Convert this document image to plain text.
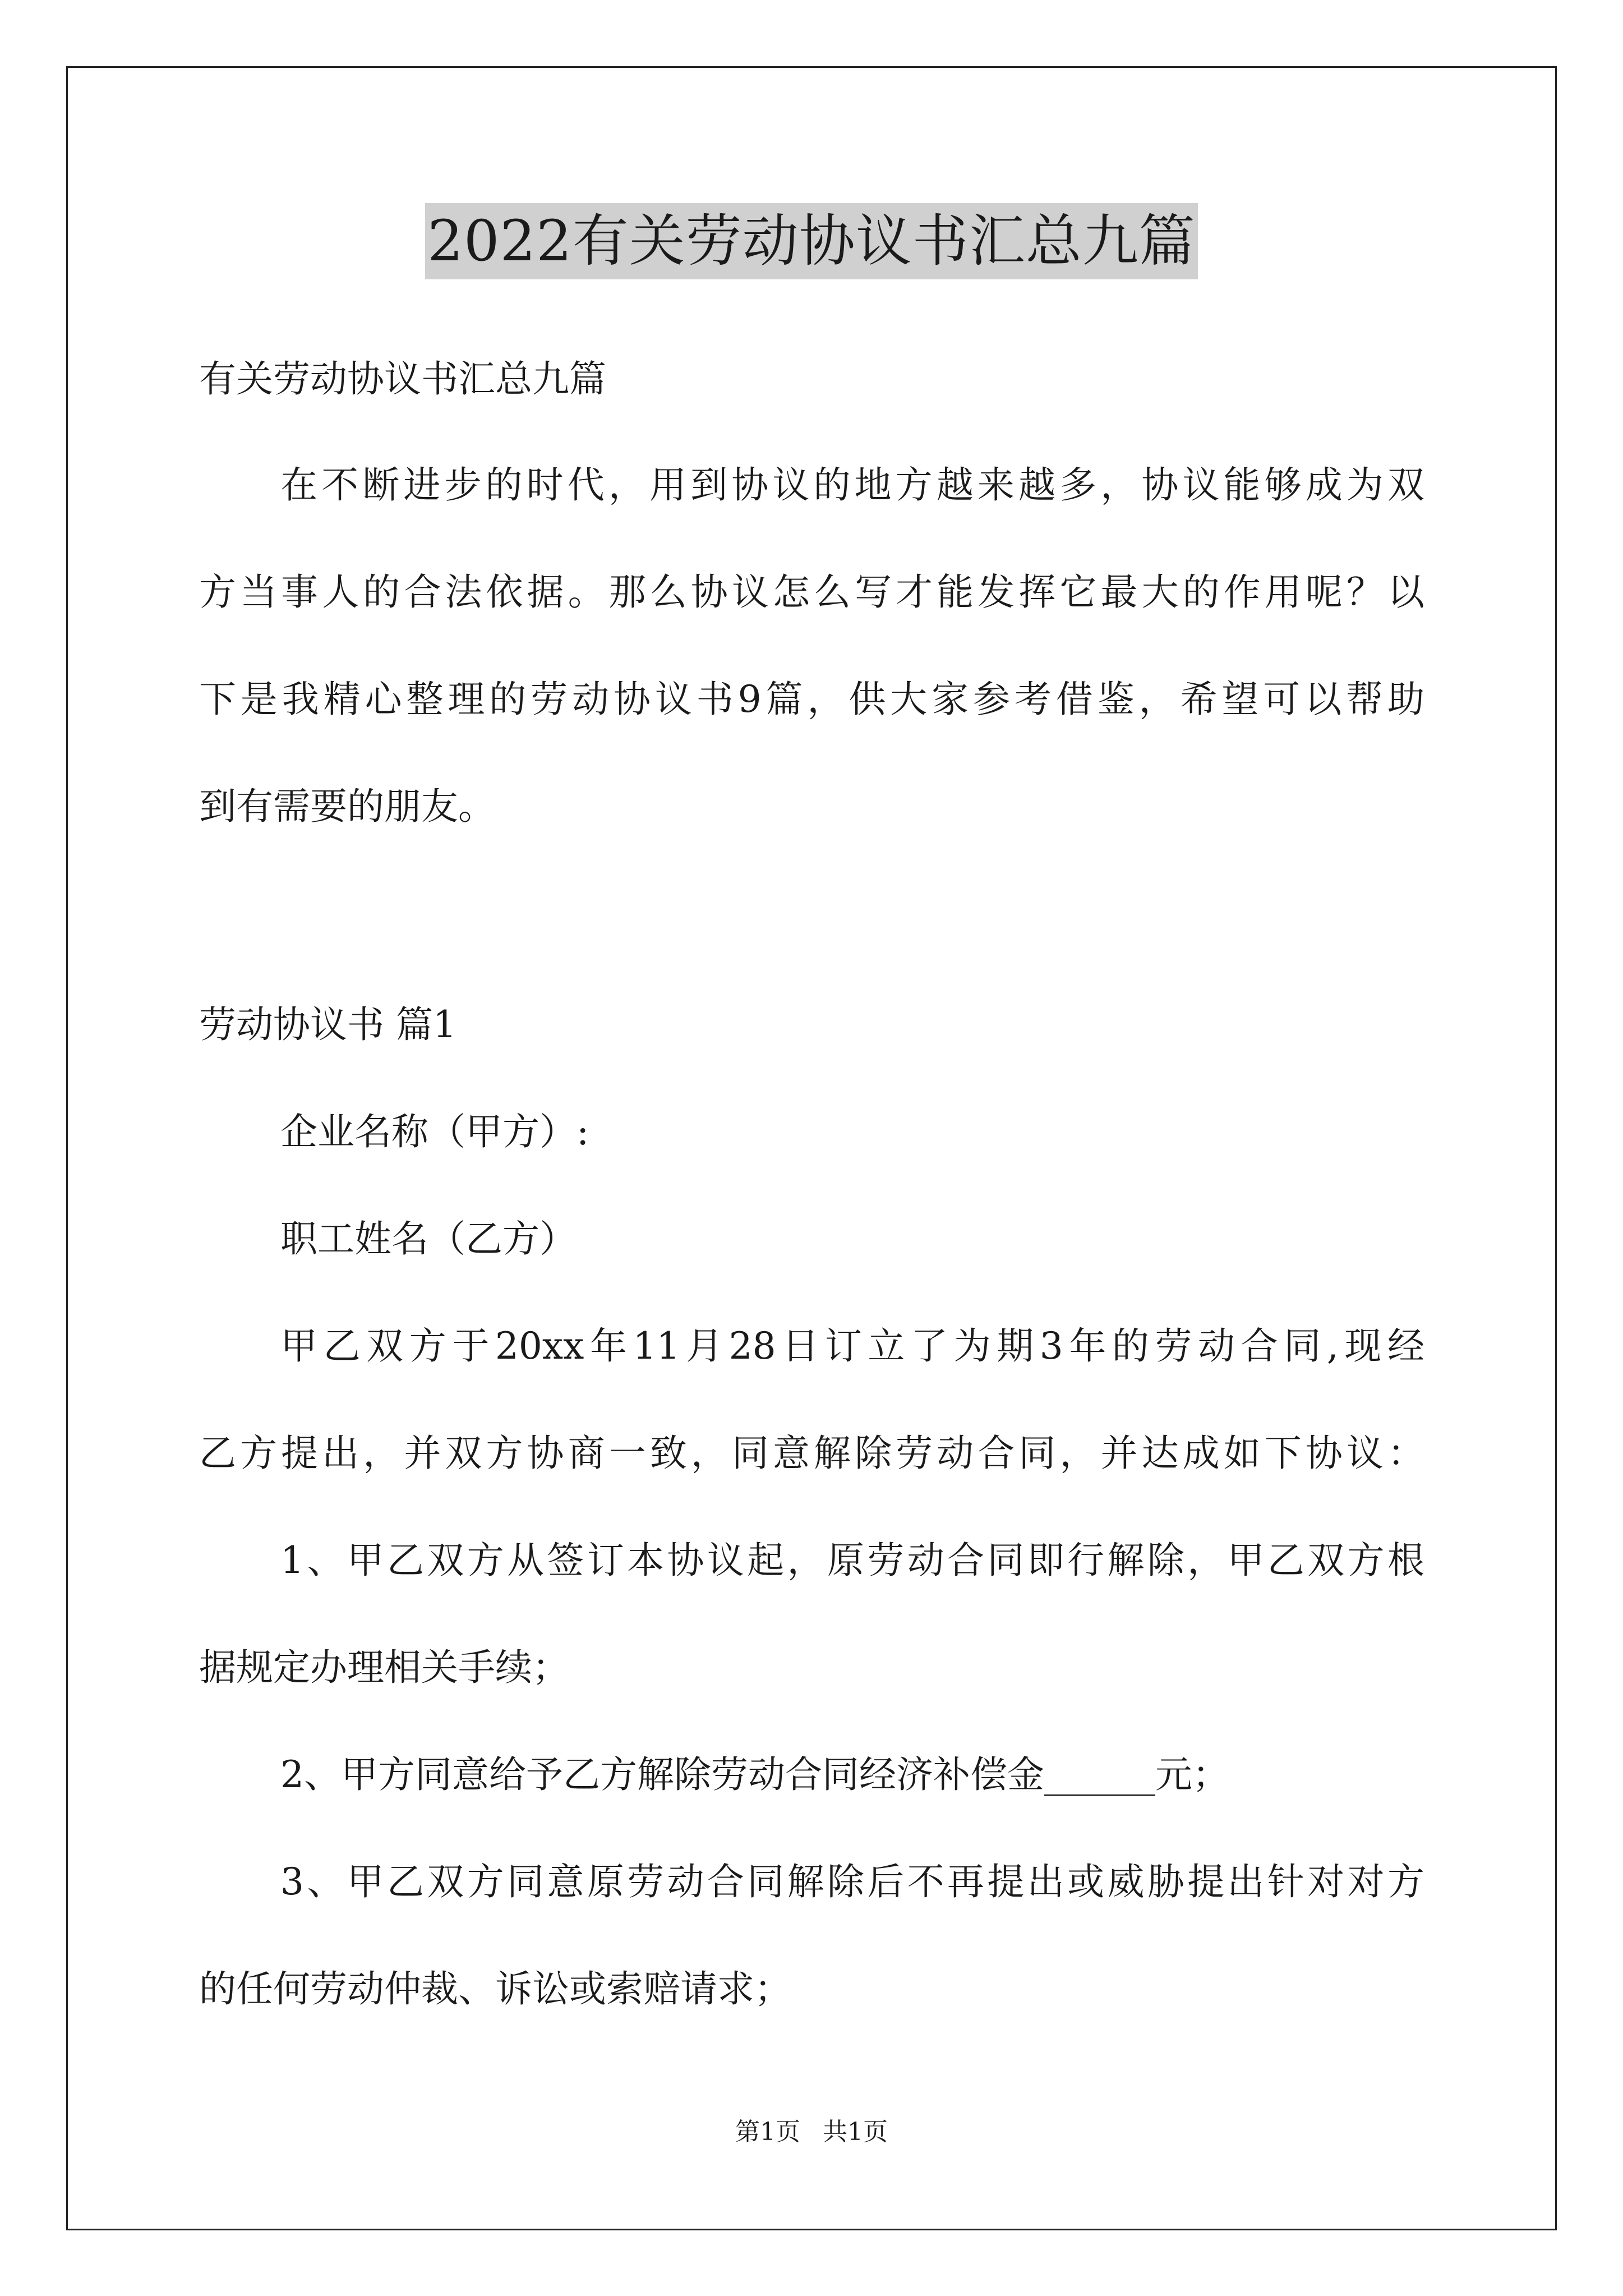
2022有关劳动协议书汇总九篇
有关劳动协议书汇总九篇
在不断进步的时代，用到协议的地方越来越多，协议能够成为双
方当事人的合法依据。那么协议怎么写才能发挥它最大的作用呢？以
下是我精心整理的劳动协议书9篇，供大家参考借鉴，希望可以帮助
到有需要的朋友。
劳动协议书 篇1
企业名称（甲方）:
职工姓名（乙方）
甲乙双方于20xx年11月28日订立了为期3年的劳动合同,现经
乙方提出，并双方协商一致，同意解除劳动合同，并达成如下协议：
1、甲乙双方从签订本协议起，原劳动合同即行解除，甲乙双方根
据规定办理相关手续；
2、甲方同意给予乙方解除劳动合同经济补偿金______元；
3、甲乙双方同意原劳动合同解除后不再提出或威胁提出针对对方
的任何劳动仲裁、诉讼或索赔请求；
第1页 共1页
